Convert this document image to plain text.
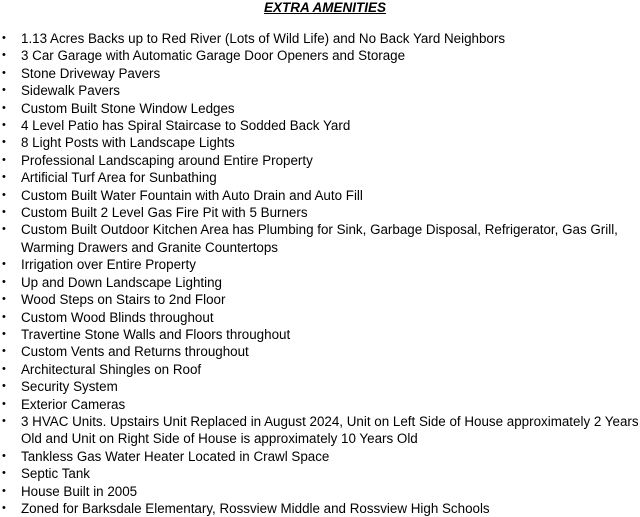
EXTRA AMENITIES
• 1.13 Acres Backs up to Red River (Lots of Wild Life) and No Back Yard Neighbors
• 3 Car Garage with Automatic Garage Door Openers and Storage
• Stone Driveway Pavers
• Sidewalk Pavers
• Custom Built Stone Window Ledges
• 4 Level Patio has Spiral Staircase to Sodded Back Yard
• 8 Light Posts with Landscape Lights
• Professional Landscaping around Entire Property
• Artificial Turf Area for Sunbathing
• Custom Built Water Fountain with Auto Drain and Auto Fill
• Custom Built 2 Level Gas Fire Pit with 5 Burners
• Custom Built Outdoor Kitchen Area has Plumbing for Sink, Garbage Disposal, Refrigerator, Gas Grill, Warming Drawers and Granite Countertops
• Irrigation over Entire Property
• Up and Down Landscape Lighting
• Wood Steps on Stairs to 2nd Floor
• Custom Wood Blinds throughout
• Travertine Stone Walls and Floors throughout
• Custom Vents and Returns throughout
• Architectural Shingles on Roof
• Security System
• Exterior Cameras
• 3 HVAC Units. Upstairs Unit Replaced in August 2024, Unit on Left Side of House approximately 2 Years Old and Unit on Right Side of House is approximately 10 Years Old
• Tankless Gas Water Heater Located in Crawl Space
• Septic Tank
• House Built in 2005
• Zoned for Barksdale Elementary, Rossview Middle and Rossview High Schools
